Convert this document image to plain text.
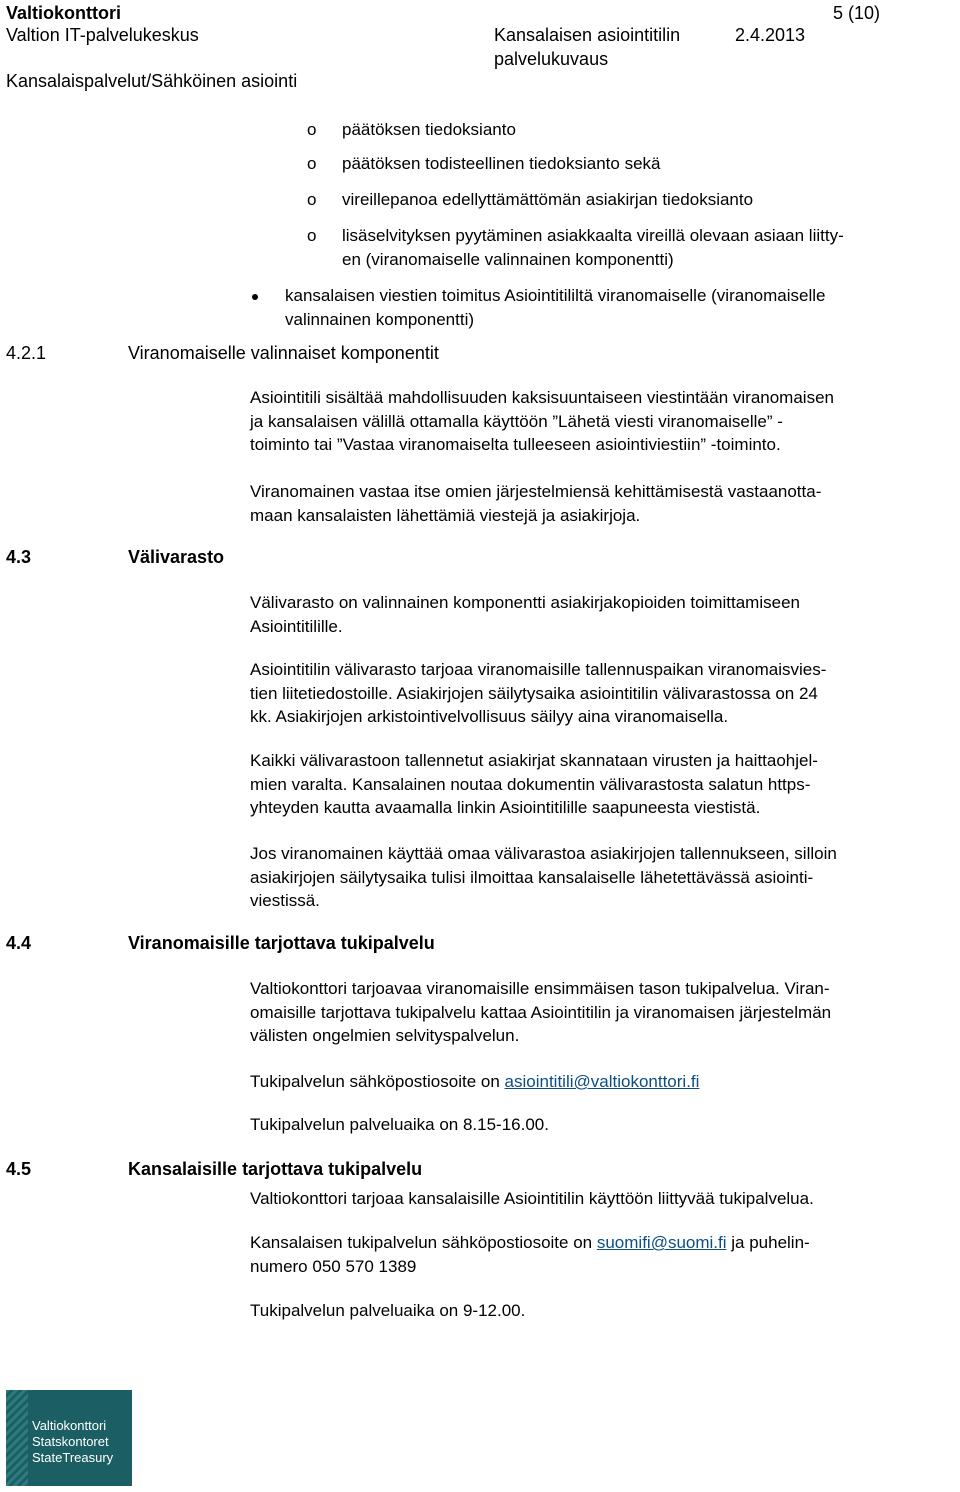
Valtiokonttori	5 (10)
Valtion IT-palvelukeskus	Kansalaisen asiointitilin	2.4.2013
palvelukuvaus
Kansalaispalvelut/Sähköinen asiointi
o päätöksen tiedoksianto
o päätöksen todisteellinen tiedoksianto sekä
o vireillepanoa edellyttämättömän asiakirjan tiedoksianto
o lisäselvityksen pyytäminen asiakkaalta vireillä olevaan asiaan liitty-
en (viranomaiselle valinnainen komponentti)
kansalaisen viestien toimitus Asiointitililtä viranomaiselle (viranomaiselle
valinnainen komponentti)
4.2.1	Viranomaiselle valinnaiset komponentit
Asiointitili sisältää mahdollisuuden kaksisuuntaiseen viestintään viranomaisen
ja kansalaisen välillä ottamalla käyttöön ”Lähetä viesti viranomaiselle” -
toiminto tai ”Vastaa viranomaiselta tulleeseen asiointiviestiin” -toiminto.
Viranomainen vastaa itse omien järjestelmiensä kehittämisestä vastaanotta-
maan kansalaisten lähettämiä viestejä ja asiakirjoja.
4.3	Välivarasto
Välivarasto on valinnainen komponentti asiakirjakopioiden toimittamiseen
Asiointitilille.
Asiointitilin välivarasto tarjoaa viranomaisille tallennuspaikan viranomaisvies-
tien liitetiedostoille. Asiakirjojen säilytysaika asiointitilin välivarastossa on 24
kk. Asiakirjojen arkistointivelvollisuus säilyy aina viranomaisella.
Kaikki välivarastoon tallennetut asiakirjat skannataan virusten ja haittaohjel-
mien varalta. Kansalainen noutaa dokumentin välivarastosta salatun https-
yhteyden kautta avaamalla linkin Asiointitilille saapuneesta viestistä.
Jos viranomainen käyttää omaa välivarastoa asiakirjojen tallennukseen, silloin
asiakirjojen säilytysaika tulisi ilmoittaa kansalaiselle lähetettävässä asiointi-
viestissä.
4.4	Viranomaisille tarjottava tukipalvelu
Valtiokonttori tarjoavaa viranomaisille ensimmäisen tason tukipalvelua. Viran-
omaisille tarjottava tukipalvelu kattaa Asiointitilin ja viranomaisen järjestelmän
välisten ongelmien selvityspalvelun.
Tukipalvelun sähköpostiosoite on asiointitili@valtiokonttori.fi
Tukipalvelun palveluaika on 8.15-16.00.
4.5	Kansalaisille tarjottava tukipalvelu
Valtiokonttori tarjoaa kansalaisille Asiointitilin käyttöön liittyvää tukipalvelua.
Kansalaisen tukipalvelun sähköpostiosoite on suomifi@suomi.fi ja puhelin-
numero 050 570 1389
Tukipalvelun palveluaika on 9-12.00.
Valtiokonttori
Statskontoret
StateTreasury
